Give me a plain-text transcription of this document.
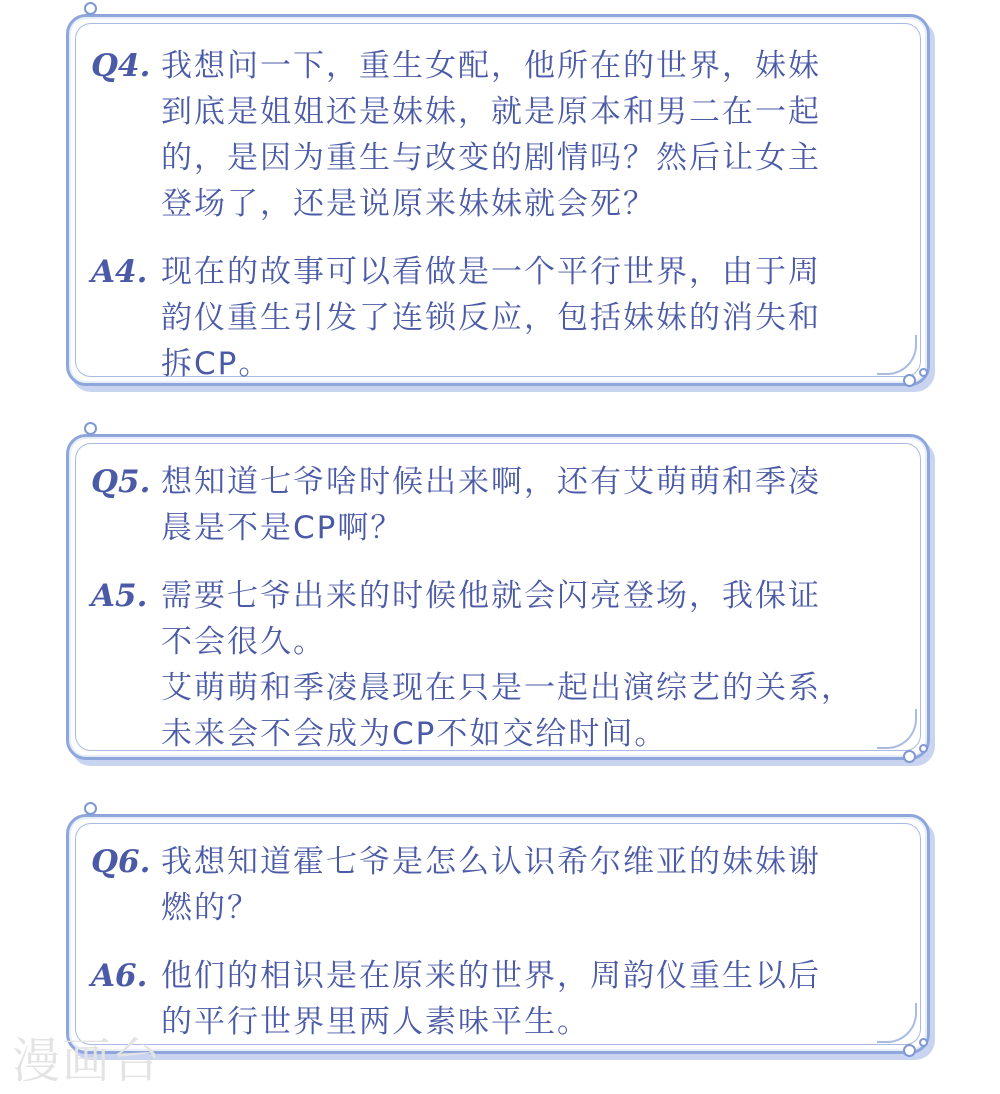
Q4. 我想问一下，重生女配，他所在的世界，妹妹
到底是姐姐还是妹妹，就是原本和男二在一起
的，是因为重生与改变的剧情吗？然后让女主
登场了，还是说原来妹妹就会死？
A4. 现在的故事可以看做是一个平行世界，由于周
韵仪重生引发了连锁反应，包括妹妹的消失和
拆CP。
Q5. 想知道七爷啥时候出来啊，还有艾萌萌和季凌
晨是不是CP啊？
A5. 需要七爷出来的时候他就会闪亮登场，我保证
不会很久。
艾萌萌和季凌晨现在只是一起出演综艺的关系，
未来会不会成为CP不如交给时间。
Q6. 我想知道霍七爷是怎么认识希尔维亚的妹妹谢
燃的？
A6. 他们的相识是在原来的世界，周韵仪重生以后
的平行世界里两人素味平生。
漫画台
